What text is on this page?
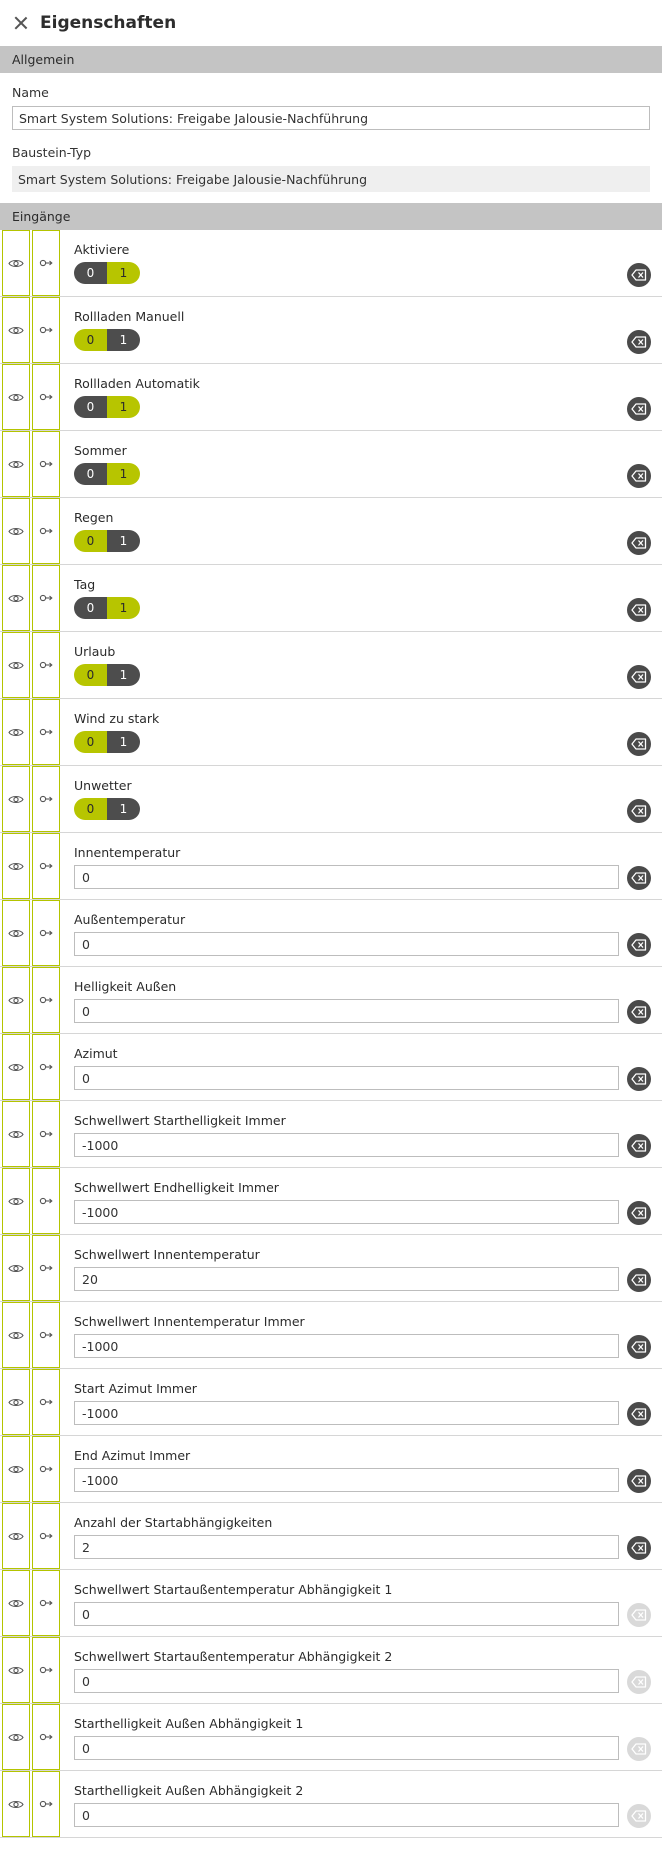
Eigenschaften
Allgemein
Name
Smart System Solutions: Freigabe Jalousie-Nachführung
Baustein-Typ
Smart System Solutions: Freigabe Jalousie-Nachführung
Eingänge
Aktiviere
0	1
Rollladen Manuell
0	1
Rollladen Automatik
0	1
Sommer
0	1
Regen
0	1
Tag
0	1
Urlaub
0	1
Wind zu stark
0	1
Unwetter
0	1
Innentemperatur
0
Außentemperatur
0
Helligkeit Außen
0
Azimut
0
Schwellwert Starthelligkeit Immer
-1000
Schwellwert Endhelligkeit Immer
-1000
Schwellwert Innentemperatur
20
Schwellwert Innentemperatur Immer
-1000
Start Azimut Immer
-1000
End Azimut Immer
-1000
Anzahl der Startabhängigkeiten
2
Schwellwert Startaußentemperatur Abhängigkeit 1
0
Schwellwert Startaußentemperatur Abhängigkeit 2
0
Starthelligkeit Außen Abhängigkeit 1
0
Starthelligkeit Außen Abhängigkeit 2
0
